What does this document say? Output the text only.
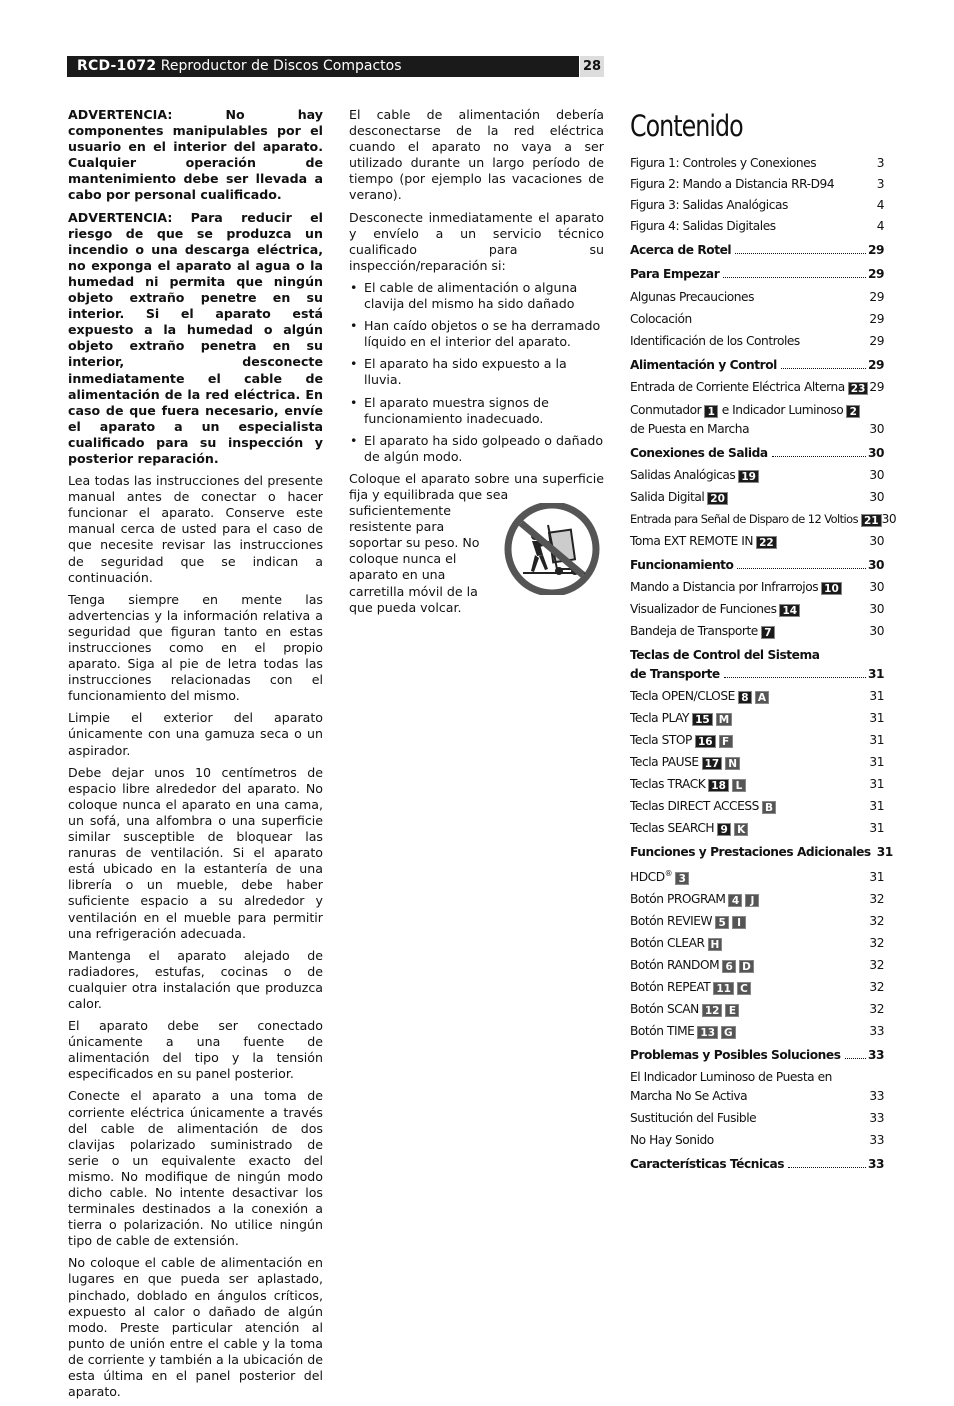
RCD-1072 Reproductor de Discos Compactos	28

ADVERTENCIA: No hay componentes manipulables por el usuario en el interior del aparato. Cualquier operación de mantenimiento debe ser llevada a cabo por personal cualificado.

ADVERTENCIA: Para reducir el riesgo de que se produzca un incendio o una descarga eléctrica, no exponga el aparato al agua o la humedad ni permita que ningún objeto extraño penetre en su interior. Si el aparato está expuesto a la humedad o algún objeto extraño penetra en su interior, desconecte inmediatamente el cable de alimentación de la red eléctrica. En caso de que fuera necesario, envíe el aparato a un especialista cualificado para su inspección y posterior reparación.

Lea todas las instrucciones del presente manual antes de conectar o hacer funcionar el aparato. Conserve este manual cerca de usted para el caso de que necesite revisar las instrucciones de seguridad que se indican a continuación.

Tenga siempre en mente las advertencias y la información relativa a seguridad que figuran tanto en estas instrucciones como en el propio aparato. Siga al pie de letra todas las instrucciones relacionadas con el funcionamiento del mismo.

Limpie el exterior del aparato únicamente con una gamuza seca o un aspirador.

Debe dejar unos 10 centímetros de espacio libre alrededor del aparato. No coloque nunca el aparato en una cama, un sofá, una alfombra o una superficie similar susceptible de bloquear las ranuras de ventilación. Si el aparato está ubicado en la estantería de una librería o un mueble, debe haber suficiente espacio a su alrededor y ventilación en el mueble para permitir una refrigeración adecuada.

Mantenga el aparato alejado de radiadores, estufas, cocinas o de cualquier otra instalación que produzca calor.

El aparato debe ser conectado únicamente a una fuente de alimentación del tipo y la tensión especificados en su panel posterior.

Conecte el aparato a una toma de corriente eléctrica únicamente a través del cable de alimentación de dos clavijas polarizado suministrado de serie o un equivalente exacto del mismo. No modifique de ningún modo dicho cable. No intente desactivar los terminales destinados a la conexión a tierra o polarización. No utilice ningún tipo de cable de extensión.

No coloque el cable de alimentación en lugares en que pueda ser aplastado, pinchado, doblado en ángulos críticos, expuesto al calor o dañado de algún modo. Preste particular atención al punto de unión entre el cable y la toma de corriente y también a la ubicación de esta última en el panel posterior del aparato.

El cable de alimentación debería desconectarse de la red eléctrica cuando el aparato no vaya a ser utilizado durante un largo período de tiempo (por ejemplo las vacaciones de verano).

Desconecte inmediatamente el aparato y envíelo a un servicio técnico cualificado para su inspección/reparación si:

• El cable de alimentación o alguna clavija del mismo ha sido dañado
• Han caído objetos o se ha derramado líquido en el interior del aparato.
• El aparato ha sido expuesto a la lluvia.
• El aparato muestra signos de funcionamiento inadecuado.
• El aparato ha sido golpeado o dañado de algún modo.

Coloque el aparato sobre una superficie fija y equilibrada que sea

suficientemente resistente para soportar su peso. No coloque nunca el aparato en una carretilla móvil de la que pueda volcar.

Contenido
Figura 1: Controles y Conexiones	3
Figura 2: Mando a Distancia RR-D94	3
Figura 3: Salidas Analógicas	4
Figura 4: Salidas Digitales	4
Acerca de Rotel	29
Para Empezar	29
Algunas Precauciones	29
Colocación	29
Identificación de los Controles	29
Alimentación y Control	29
Entrada de Corriente Eléctrica Alterna 23 29
Conmutador 1 e Indicador Luminoso 2
de Puesta en Marcha	30
Conexiones de Salida	30
Salidas Analógicas 19	30
Salida Digital 20	30
Entrada para Señal de Disparo de 12 Voltios 21 30
Toma EXT REMOTE IN 22	30
Funcionamiento	30
Mando a Distancia por Infrarrojos 10	30
Visualizador de Funciones 14	30
Bandeja de Transporte 7	30
Teclas de Control del Sistema
de Transporte	31
Tecla OPEN/CLOSE 8 A	31
Tecla PLAY 15 M	31
Tecla STOP 16 F	31
Tecla PAUSE 17 N	31
Teclas TRACK 18 L	31
Teclas DIRECT ACCESS B	31
Teclas SEARCH 9 K	31
Funciones y Prestaciones Adicionales 31
HDCD® 3	31
Botón PROGRAM 4 J	32
Botón REVIEW 5 I	32
Botón CLEAR H	32
Botón RANDOM 6 D	32
Botón REPEAT 11 C	32
Botón SCAN 12 E	32
Botón TIME 13 G	33
Problemas y Posibles Soluciones 33
El Indicador Luminoso de Puesta en
Marcha No Se Activa	33
Sustitución del Fusible	33
No Hay Sonido	33
Características Técnicas	33
